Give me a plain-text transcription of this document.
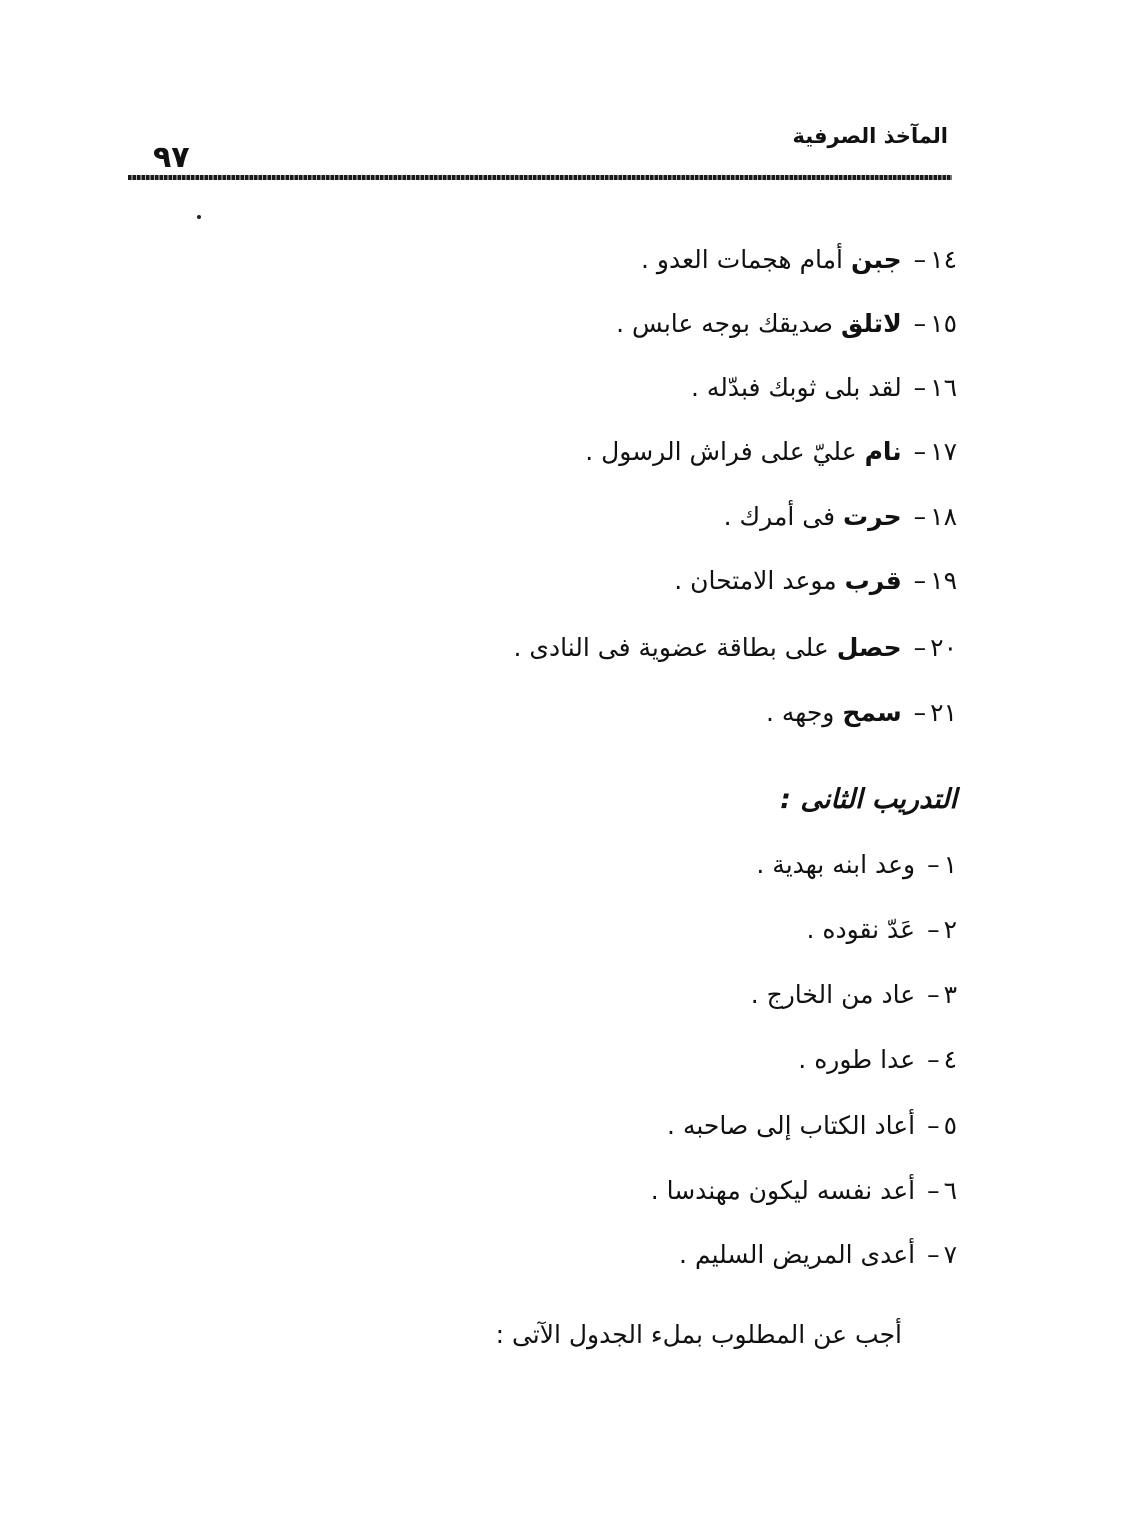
المآخذ الصرفية
٩٧
١٤– جبن أمام هجمات العدو .
١٥– لاتلق صديقك بوجه عابس .
١٦– لقد بلى ثوبك فبدّله .
١٧– نام عليّ على فراش الرسول .
١٨– حرت فى أمرك .
١٩– قرب موعد الامتحان .
٢٠– حصل على بطاقة عضوية فى النادى .
٢١– سمح وجهه .
التدريب الثانى :
١– وعد ابنه بهدية .
٢– عَدّ نقوده .
٣– عاد من الخارج .
٤– عدا طوره .
٥– أعاد الكتاب إلى صاحبه .
٦– أعد نفسه ليكون مهندسا .
٧– أعدى المريض السليم .
أجب عن المطلوب بملء الجدول الآتى :
